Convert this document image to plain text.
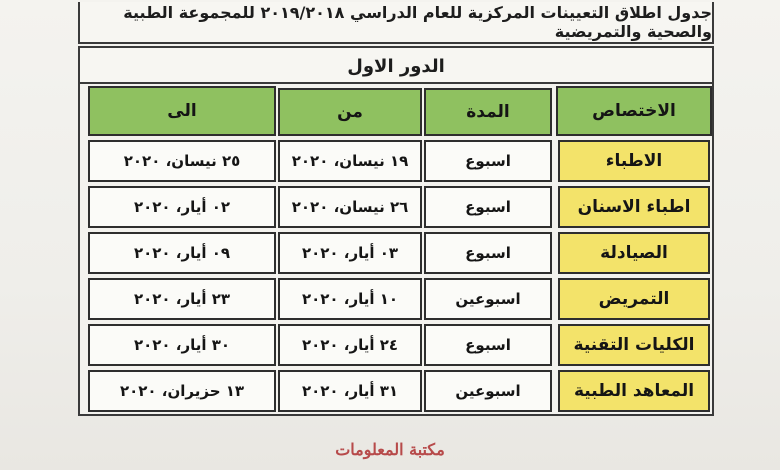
جدول اطلاق التعيينات المركزية للعام الدراسي ٢٠١٩/٢٠١٨ للمجموعة الطبية والصحية والتمريضية
الدور الاول
الاختصاص
المدة
من
الى
الاطباء
اسبوع
١٩ نيسان، ٢٠٢٠
٢٥ نيسان، ٢٠٢٠
اطباء الاسنان
اسبوع
٢٦ نيسان، ٢٠٢٠
٠٢ أيار، ٢٠٢٠
الصيادلة
اسبوع
٠٣ أيار، ٢٠٢٠
٠٩ أيار، ٢٠٢٠
التمريض
اسبوعين
١٠ أيار، ٢٠٢٠
٢٣ أيار، ٢٠٢٠
الكليات التقنية
اسبوع
٢٤ أيار، ٢٠٢٠
٣٠ أيار، ٢٠٢٠
المعاهد الطبية
اسبوعين
٣١ أيار، ٢٠٢٠
١٣ حزيران، ٢٠٢٠
مكتبة المعلومات
